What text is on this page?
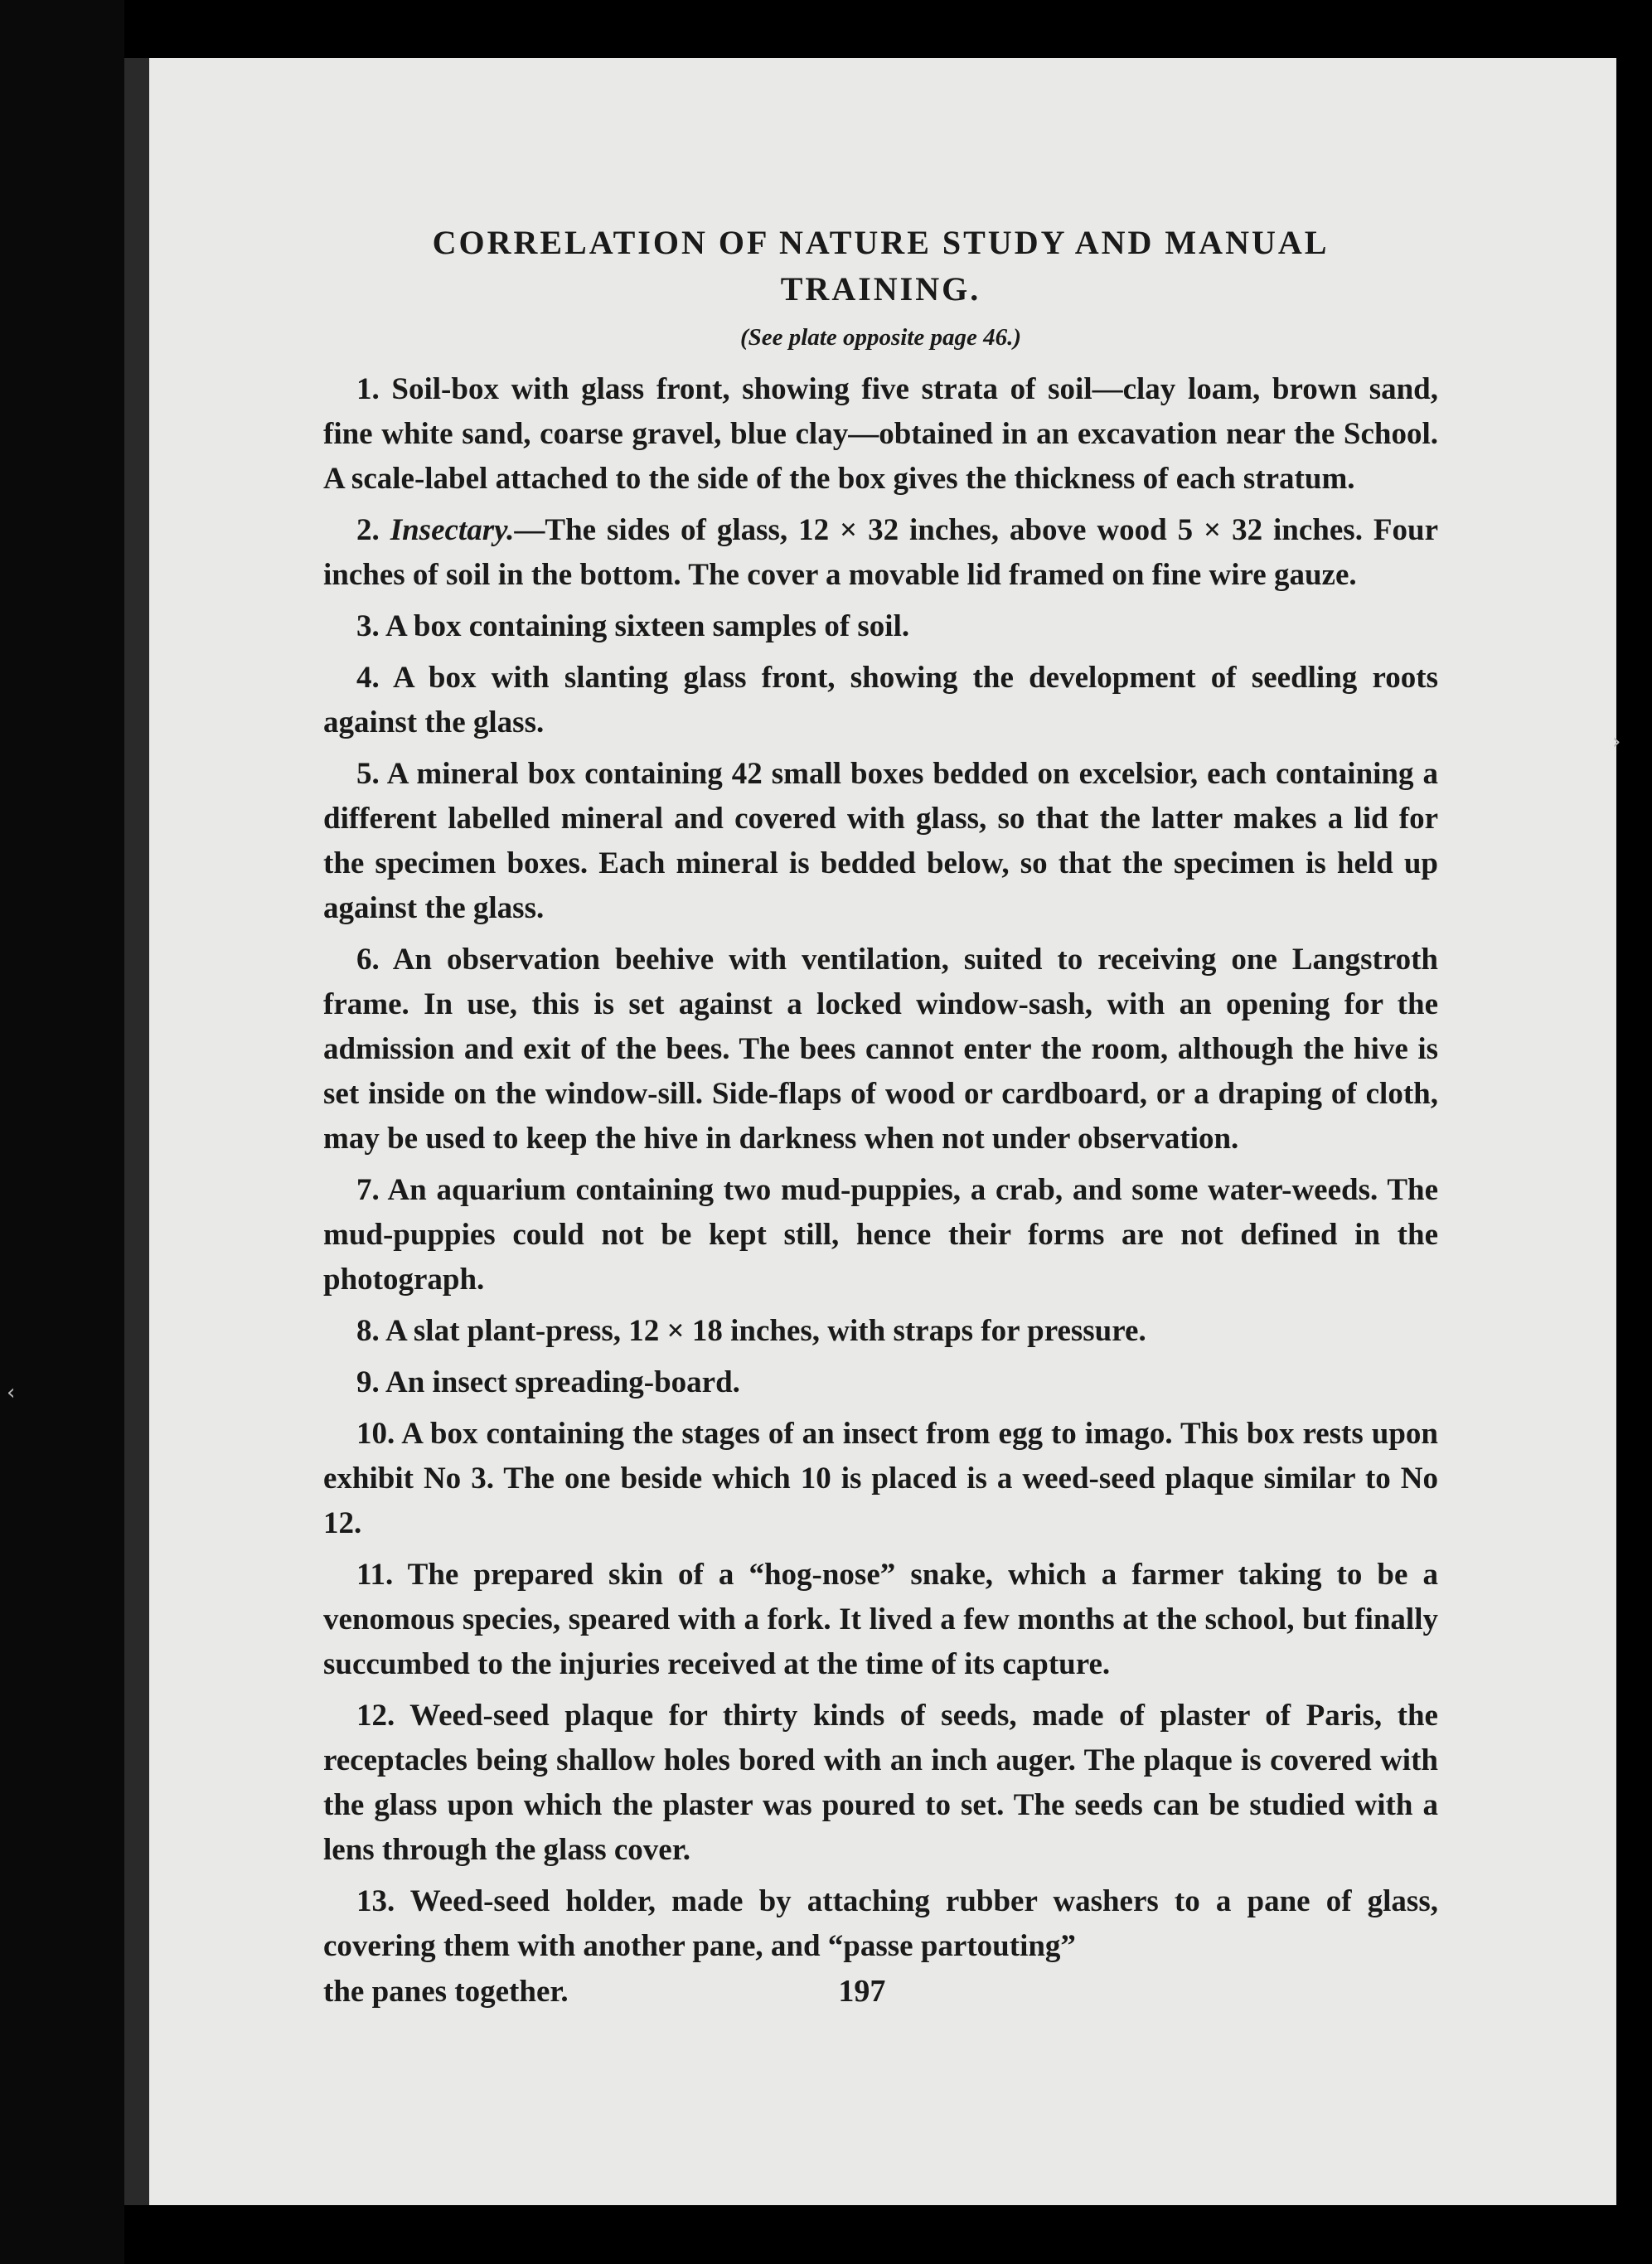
›
‹
CORRELATION OF NATURE STUDY AND MANUAL TRAINING.
(See plate opposite page 46.)

1. Soil-box with glass front, showing five strata of soil—clay loam, brown sand, fine white sand, coarse gravel, blue clay—obtained in an excavation near the School. A scale-label attached to the side of the box gives the thickness of each stratum.

2. Insectary.—The sides of glass, 12 × 32 inches, above wood 5 × 32 inches. Four inches of soil in the bottom. The cover a movable lid framed on fine wire gauze.

3. A box containing sixteen samples of soil.

4. A box with slanting glass front, showing the development of seedling roots against the glass.

5. A mineral box containing 42 small boxes bedded on excelsior, each containing a different labelled mineral and covered with glass, so that the latter makes a lid for the specimen boxes. Each mineral is bedded below, so that the specimen is held up against the glass.

6. An observation beehive with ventilation, suited to receiving one Langstroth frame. In use, this is set against a locked window-sash, with an opening for the admission and exit of the bees. The bees cannot enter the room, although the hive is set inside on the window-sill. Side-flaps of wood or cardboard, or a draping of cloth, may be used to keep the hive in darkness when not under observation.

7. An aquarium containing two mud-puppies, a crab, and some water-weeds. The mud-puppies could not be kept still, hence their forms are not defined in the photograph.

8. A slat plant-press, 12 × 18 inches, with straps for pressure.

9. An insect spreading-board.

10. A box containing the stages of an insect from egg to imago. This box rests upon exhibit No 3. The one beside which 10 is placed is a weed-seed plaque similar to No 12.

11. The prepared skin of a “hog-nose” snake, which a farmer taking to be a venomous species, speared with a fork. It lived a few months at the school, but finally succumbed to the injuries received at the time of its capture.

12. Weed-seed plaque for thirty kinds of seeds, made of plaster of Paris, the receptacles being shallow holes bored with an inch auger. The plaque is covered with the glass upon which the plaster was poured to set. The seeds can be studied with a lens through the glass cover.

13. Weed-seed holder, made by attaching rubber washers to a pane of glass, covering them with another pane, and “passe partouting”

the panes together.	197
